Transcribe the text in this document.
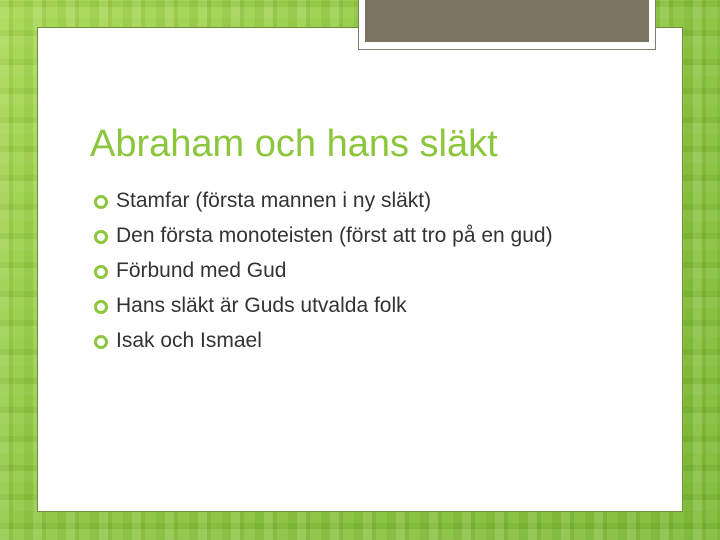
Abraham och hans släkt
Stamfar (första mannen i ny släkt)
Den första monoteisten (först att tro på en gud)
Förbund med Gud
Hans släkt är Guds utvalda folk
Isak och Ismael
